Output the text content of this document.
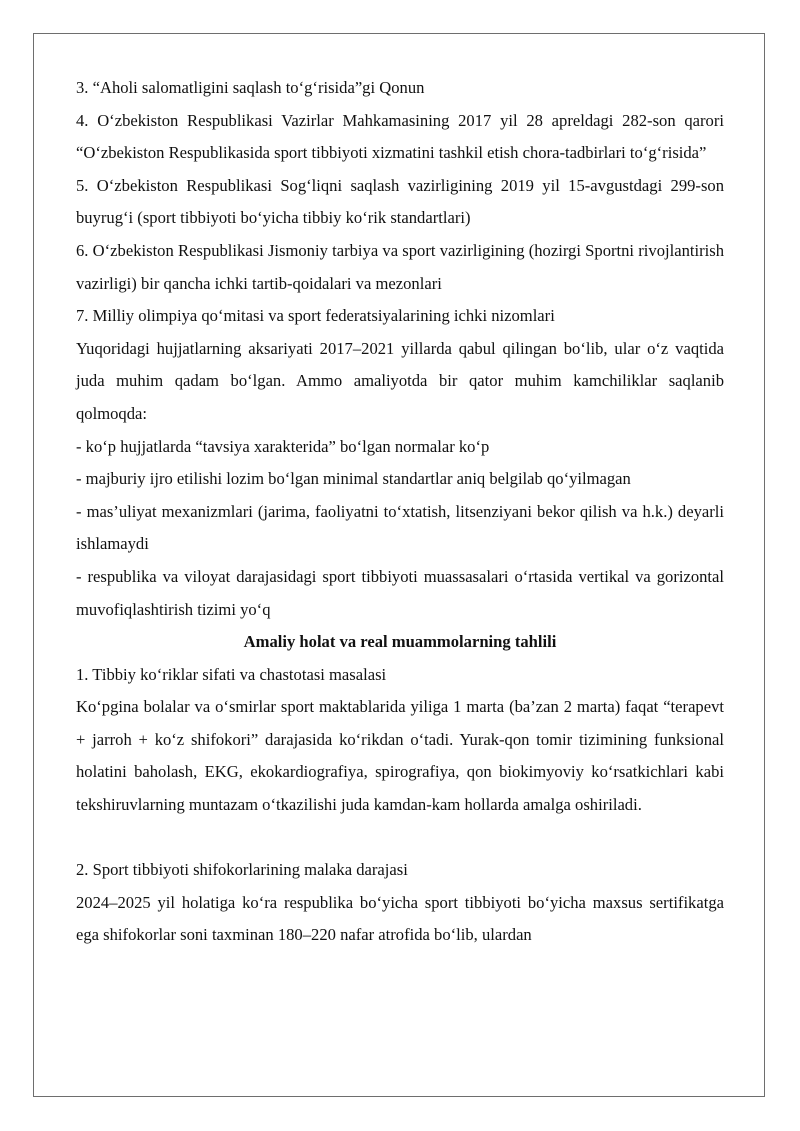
3. “Aholi salomatligini saqlash to‘g‘risida”gi Qonun

4. O‘zbekiston Respublikasi Vazirlar Mahkamasining 2017 yil 28 apreldagi 282-son qarori “O‘zbekiston Respublikasida sport tibbiyoti xizmatini tashkil etish chora-tadbirlari to‘g‘risida”

5. O‘zbekiston Respublikasi Sog‘liqni saqlash vazirligining 2019 yil 15-avgustdagi 299-son buyrug‘i (sport tibbiyoti bo‘yicha tibbiy ko‘rik standartlari)

6. O‘zbekiston Respublikasi Jismoniy tarbiya va sport vazirligining (hozirgi Sportni rivojlantirish vazirligi) bir qancha ichki tartib-qoidalari va mezonlari

7. Milliy olimpiya qo‘mitasi va sport federatsiyalarining ichki nizomlari

Yuqoridagi hujjatlarning aksariyati 2017–2021 yillarda qabul qilingan bo‘lib, ular o‘z vaqtida juda muhim qadam bo‘lgan. Ammo amaliyotda bir qator muhim kamchiliklar saqlanib qolmoqda:

- ko‘p hujjatlarda “tavsiya xarakterida” bo‘lgan normalar ko‘p

- majburiy ijro etilishi lozim bo‘lgan minimal standartlar aniq belgilab qo‘yilmagan

- mas’uliyat mexanizmlari (jarima, faoliyatni to‘xtatish, litsenziyani bekor qilish va h.k.) deyarli ishlamaydi

- respublika va viloyat darajasidagi sport tibbiyoti muassasalari o‘rtasida vertikal va gorizontal muvofiqlashtirish tizimi yo‘q

Amaliy holat va real muammolarning tahlili

1. Tibbiy ko‘riklar sifati va chastotasi masalasi

Ko‘pgina bolalar va o‘smirlar sport maktablarida yiliga 1 marta (ba’zan 2 marta) faqat “terapevt + jarroh + ko‘z shifokori” darajasida ko‘rikdan o‘tadi. Yurak-qon tomir tizimining funksional holatini baholash, EKG, ekokardiografiya, spirografiya, qon biokimyoviy ko‘rsatkichlari kabi tekshiruvlarning muntazam o‘tkazilishi juda kamdan-kam hollarda amalga oshiriladi.

2. Sport tibbiyoti shifokorlarining malaka darajasi

2024–2025 yil holatiga ko‘ra respublika bo‘yicha sport tibbiyoti bo‘yicha maxsus sertifikatga ega shifokorlar soni taxminan 180–220 nafar atrofida bo‘lib, ulardan
